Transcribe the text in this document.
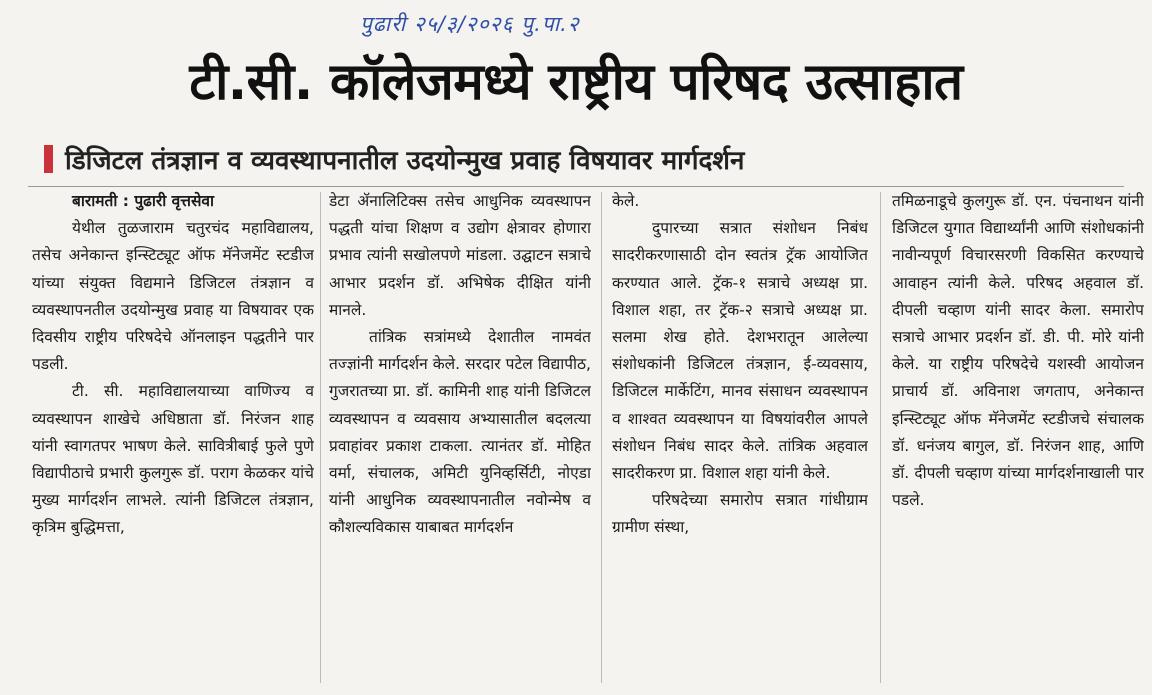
पुढारी २५/३/२०२६ पु.पा.२
टी.सी. कॉलेजमध्ये राष्ट्रीय परिषद उत्साहात
डिजिटल तंत्रज्ञान व व्यवस्थापनातील उदयोन्मुख प्रवाह विषयावर मार्गदर्शन

बारामती : पुढारी वृत्तसेवा

येथील तुळजाराम चतुरचंद महाविद्यालय, तसेच अनेकान्त इन्स्टिट्यूट ऑफ मॅनेजमेंट स्टडीज यांच्या संयुक्त विद्यमाने डिजिटल तंत्रज्ञान व व्यवस्थापनतील उदयोन्मुख प्रवाह या विषयावर एक दिवसीय राष्ट्रीय परिषदेचे ऑनलाइन पद्धतीने पार पडली.

टी. सी. महाविद्यालयाच्या वाणिज्य व व्यवस्थापन शाखेचे अधिष्ठाता डॉ. निरंजन शाह यांनी स्वागतपर भाषण केले. सावित्रीबाई फुले पुणे विद्यापीठाचे प्रभारी कुलगुरू डॉ. पराग केळकर यांचे मुख्य मार्गदर्शन लाभले. त्यांनी डिजिटल तंत्रज्ञान, कृत्रिम बुद्धिमत्ता,

डेटा ॲनालिटिक्स तसेच आधुनिक व्यवस्थापन पद्धती यांचा शिक्षण व उद्योग क्षेत्रावर होणारा प्रभाव त्यांनी सखोलपणे मांडला. उद्घाटन सत्राचे आभार प्रदर्शन डॉ. अभिषेक दीक्षित यांनी मानले.

तांत्रिक सत्रांमध्ये देशातील नामवंत तज्ज्ञांनी मार्गदर्शन केले. सरदार पटेल विद्यापीठ, गुजरातच्या प्रा. डॉ. कामिनी शाह यांनी डिजिटल व्यवस्थापन व व्यवसाय अभ्यासातील बदलत्या प्रवाहांवर प्रकाश टाकला. त्यानंतर डॉ. मोहित वर्मा, संचालक, अमिटी युनिव्हर्सिटी, नोएडा यांनी आधुनिक व्यवस्थापनातील नवोन्मेष व कौशल्यविकास याबाबत मार्गदर्शन

केले.

दुपारच्या सत्रात संशोधन निबंध सादरीकरणासाठी दोन स्वतंत्र ट्रॅक आयोजित करण्यात आले. ट्रॅक-१ सत्राचे अध्यक्ष प्रा. विशाल शहा, तर ट्रॅक-२ सत्राचे अध्यक्ष प्रा. सलमा शेख होते. देशभरातून आलेल्या संशोधकांनी डिजिटल तंत्रज्ञान, ई-व्यवसाय, डिजिटल मार्केटिंग, मानव संसाधन व्यवस्थापन व शाश्वत व्यवस्थापन या विषयांवरील आपले संशोधन निबंध सादर केले. तांत्रिक अहवाल सादरीकरण प्रा. विशाल शहा यांनी केले.

परिषदेच्या समारोप सत्रात गांधीग्राम ग्रामीण संस्था,

तमिळनाडूचे कुलगुरू डॉ. एन. पंचनाथन यांनी डिजिटल युगात विद्यार्थ्यांनी आणि संशोधकांनी नावीन्यपूर्ण विचारसरणी विकसित करण्याचे आवाहन त्यांनी केले. परिषद अहवाल डॉ. दीपली चव्हाण यांनी सादर केला. समारोप सत्राचे आभार प्रदर्शन डॉ. डी. पी. मोरे यांनी केले. या राष्ट्रीय परिषदेचे यशस्वी आयोजन प्राचार्य डॉ. अविनाश जगताप, अनेकान्त इन्स्टिट्यूट ऑफ मॅनेजमेंट स्टडीजचे संचालक डॉ. धनंजय बागुल, डॉ. निरंजन शाह, आणि डॉ. दीपली चव्हाण यांच्या मार्गदर्शनाखाली पार पडले.
